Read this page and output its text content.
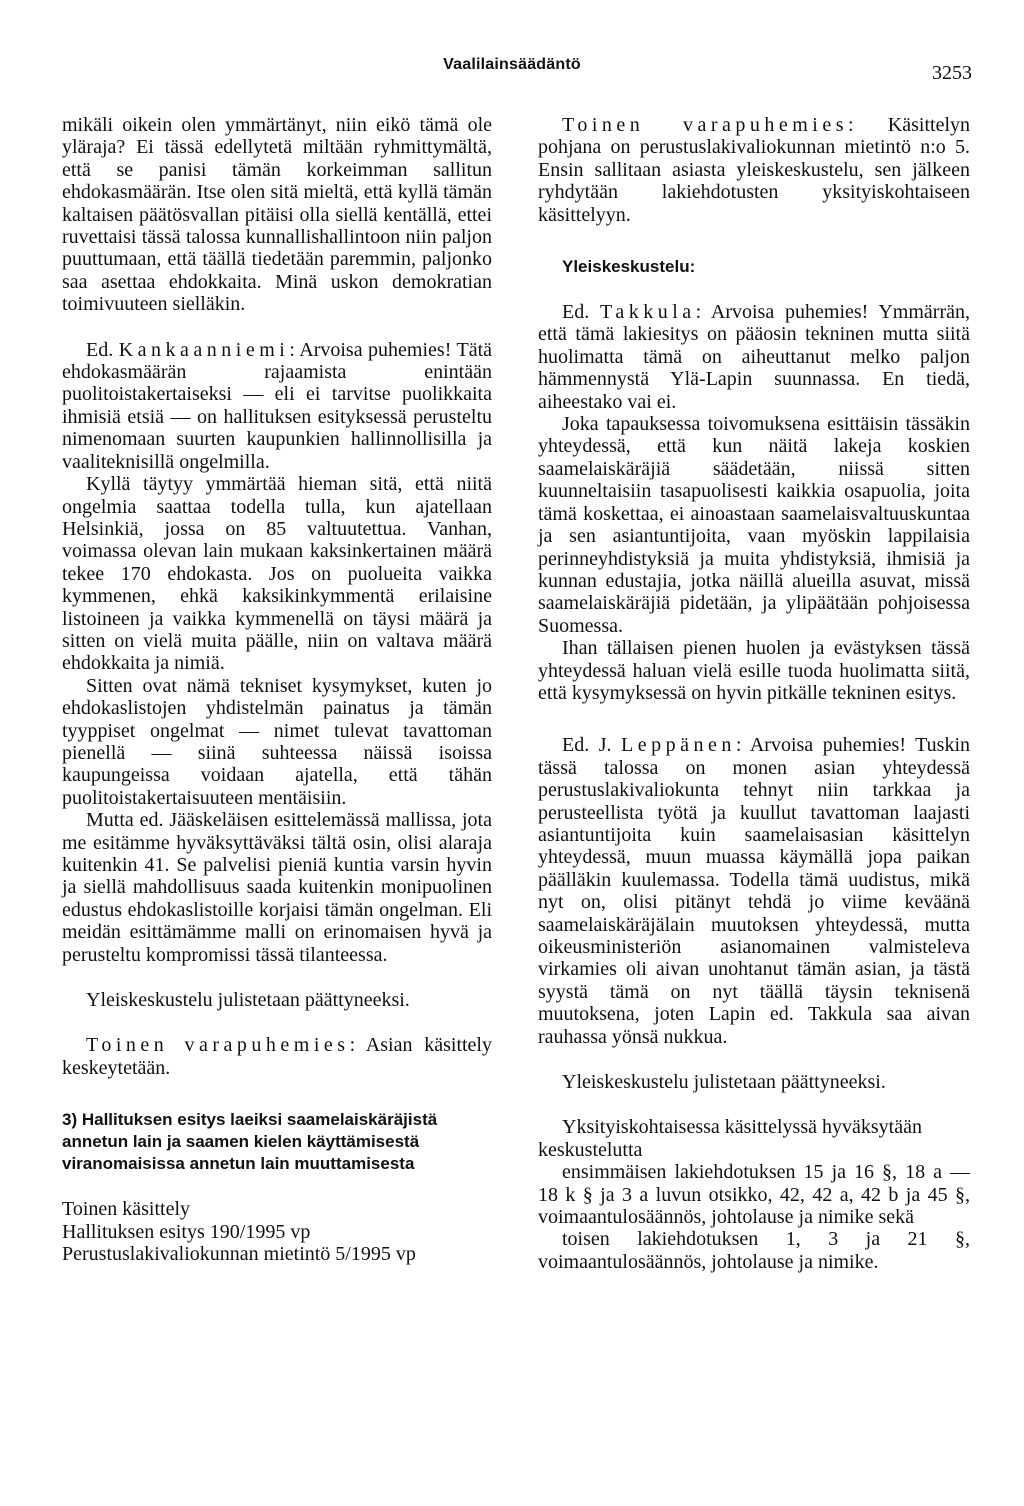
Vaalilainsäädäntö	3253

mikäli oikein olen ymmärtänyt, niin eikö tämä ole yläraja? Ei tässä edellytetä miltään ryhmittymältä, että se panisi tämän korkeimman sallitun ehdokasmäärän. Itse olen sitä mieltä, että kyllä tämän kaltaisen päätösvallan pitäisi olla siellä kentällä, ettei ruvettaisi tässä talossa kunnallishallintoon niin paljon puuttumaan, että täällä tiedetään paremmin, paljonko saa asettaa ehdokkaita. Minä uskon demokratian toimivuuteen sielläkin.

Ed. Kankaanniemi: Arvoisa puhemies! Tätä ehdokasmäärän rajaamista enintään puolitoistakertaiseksi — eli ei tarvitse puolikkaita ihmisiä etsiä — on hallituksen esityksessä perusteltu nimenomaan suurten kaupunkien hallinnollisilla ja vaaliteknisillä ongelmilla.

Kyllä täytyy ymmärtää hieman sitä, että niitä ongelmia saattaa todella tulla, kun ajatellaan Helsinkiä, jossa on 85 valtuutettua. Vanhan, voimassa olevan lain mukaan kaksinkertainen määrä tekee 170 ehdokasta. Jos on puolueita vaikka kymmenen, ehkä kaksikinkymmentä erilaisine listoineen ja vaikka kymmenellä on täysi määrä ja sitten on vielä muita päälle, niin on valtava määrä ehdokkaita ja nimiä.

Sitten ovat nämä tekniset kysymykset, kuten jo ehdokaslistojen yhdistelmän painatus ja tämän tyyppiset ongelmat — nimet tulevat tavattoman pienellä — siinä suhteessa näissä isoissa kaupungeissa voidaan ajatella, että tähän puolitoistakertaisuuteen mentäisiin.

Mutta ed. Jääskeläisen esittelemässä mallissa, jota me esitämme hyväksyttäväksi tältä osin, olisi alaraja kuitenkin 41. Se palvelisi pieniä kuntia varsin hyvin ja siellä mahdollisuus saada kuitenkin monipuolinen edustus ehdokaslistoille korjaisi tämän ongelman. Eli meidän esittämämme malli on erinomaisen hyvä ja perusteltu kompromissi tässä tilanteessa.

Yleiskeskustelu julistetaan päättyneeksi.

Toinen varapuhemies: Asian käsittely keskeytetään.

3) Hallituksen esitys laeiksi saamelaiskäräjistä annetun lain ja saamen kielen käyttämisestä viranomaisissa annetun lain muuttamisesta

Toinen käsittely

Hallituksen esitys 190/1995 vp

Perustuslakivaliokunnan mietintö 5/1995 vp

Toinen varapuhemies: Käsittelyn pohjana on perustuslakivaliokunnan mietintö n:o 5. Ensin sallitaan asiasta yleiskeskustelu, sen jälkeen ryhdytään lakiehdotusten yksityiskohtaiseen käsittelyyn.

Yleiskeskustelu:

Ed. Takkula: Arvoisa puhemies! Ymmärrän, että tämä lakiesitys on pääosin tekninen mutta siitä huolimatta tämä on aiheuttanut melko paljon hämmennystä Ylä-Lapin suunnassa. En tiedä, aiheestako vai ei.

Joka tapauksessa toivomuksena esittäisin tässäkin yhteydessä, että kun näitä lakeja koskien saamelaiskäräjiä säädetään, niissä sitten kuunneltaisiin tasapuolisesti kaikkia osapuolia, joita tämä koskettaa, ei ainoastaan saamelaisvaltuuskuntaa ja sen asiantuntijoita, vaan myöskin lappilaisia perinneyhdistyksiä ja muita yhdistyksiä, ihmisiä ja kunnan edustajia, jotka näillä alueilla asuvat, missä saamelaiskäräjiä pidetään, ja ylipäätään pohjoisessa Suomessa.

Ihan tällaisen pienen huolen ja evästyksen tässä yhteydessä haluan vielä esille tuoda huolimatta siitä, että kysymyksessä on hyvin pitkälle tekninen esitys.

Ed. J. Leppänen: Arvoisa puhemies! Tuskin tässä talossa on monen asian yhteydessä perustuslakivaliokunta tehnyt niin tarkkaa ja perusteellista työtä ja kuullut tavattoman laajasti asiantuntijoita kuin saamelaisasian käsittelyn yhteydessä, muun muassa käymällä jopa paikan päälläkin kuulemassa. Todella tämä uudistus, mikä nyt on, olisi pitänyt tehdä jo viime keväänä saamelaiskäräjälain muutoksen yhteydessä, mutta oikeusministeriön asianomainen valmisteleva virkamies oli aivan unohtanut tämän asian, ja tästä syystä tämä on nyt täällä täysin teknisenä muutoksena, joten Lapin ed. Takkula saa aivan rauhassa yönsä nukkua.

Yleiskeskustelu julistetaan päättyneeksi.

Yksityiskohtaisessa käsittelyssä hyväksytään keskustelutta

ensimmäisen lakiehdotuksen 15 ja 16 §, 18 a — 18 k § ja 3 a luvun otsikko, 42, 42 a, 42 b ja 45 §, voimaantulosäännös, johtolause ja nimike sekä

toisen lakiehdotuksen 1, 3 ja 21 §, voimaantulosäännös, johtolause ja nimike.
